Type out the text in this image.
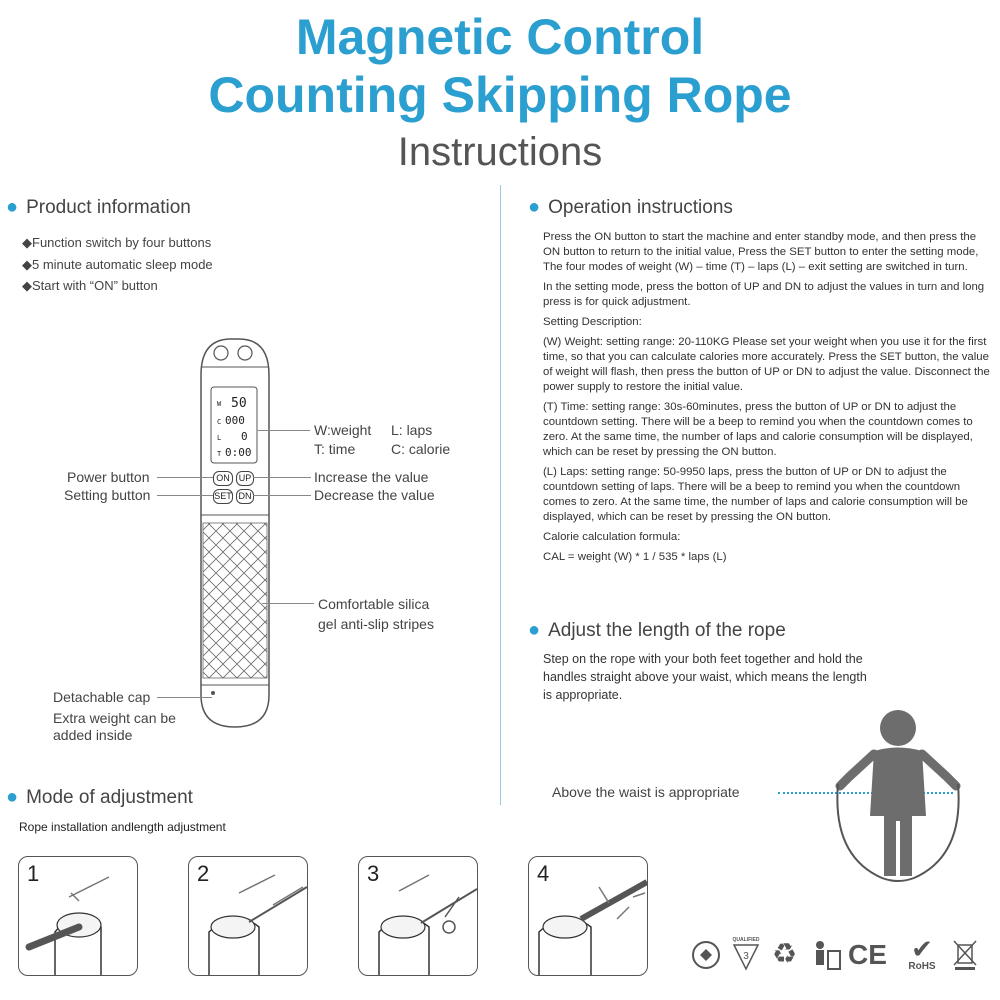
Magnetic Control
Counting Skipping Rope
Instructions
● Product information
◆Function switch by four buttons
◆5 minute automatic sleep mode
◆Start with “ON” button
W 50
C 000
L 0
T 0:00
ON UP
SET DN
W:weight L: laps
T: time	C: calorie
Power button
Setting button
Increase the value
Decrease the value
Comfortable silica
gel anti-slip stripes
Detachable cap
Extra weight can be
added inside
● Operation instructions

Press the ON button to start the machine and enter standby mode, and then press the ON button to return to the initial value, Press the SET button to enter the setting mode, The four modes of weight (W) – time (T) – laps (L) – exit setting are switched in turn.

In the setting mode, press the botton of UP and DN to adjust the values in turn and long press is for quick adjustment.

Setting Description:

(W) Weight: setting range: 20-110KG Please set your weight when you use it for the first time, so that you can calculate calories more accurately. Press the SET button, the value of weight will flash, then press the button of UP or DN to adjust the value. Disconnect the power supply to restore the initial value.

(T) Time: setting range: 30s-60minutes, press the button of UP or DN to adjust the countdown setting. There will be a beep to remind you when the countdown comes to zero. At the same time, the number of laps and calorie consumption will be displayed, which can be reset by pressing the ON button.

(L) Laps: setting range: 50-9950 laps, press the button of UP or DN to adjust the countdown setting of laps. There will be a beep to remind you when the countdown comes to zero. At the same time, the number of laps and calorie consumption will be displayed, which can be reset by pressing the ON button.

Calorie calculation formula:

CAL = weight (W) * 1 / 535 * laps (L)

● Adjust the length of the rope
Step on the rope with your both feet together and hold the handles straight above your waist, which means the length is appropriate.
Above the waist is appropriate
● Mode of adjustment
Rope installation andlength adjustment
1	2	3	4
QUALIFIED
3 ♻ CE ✔
RoHS
